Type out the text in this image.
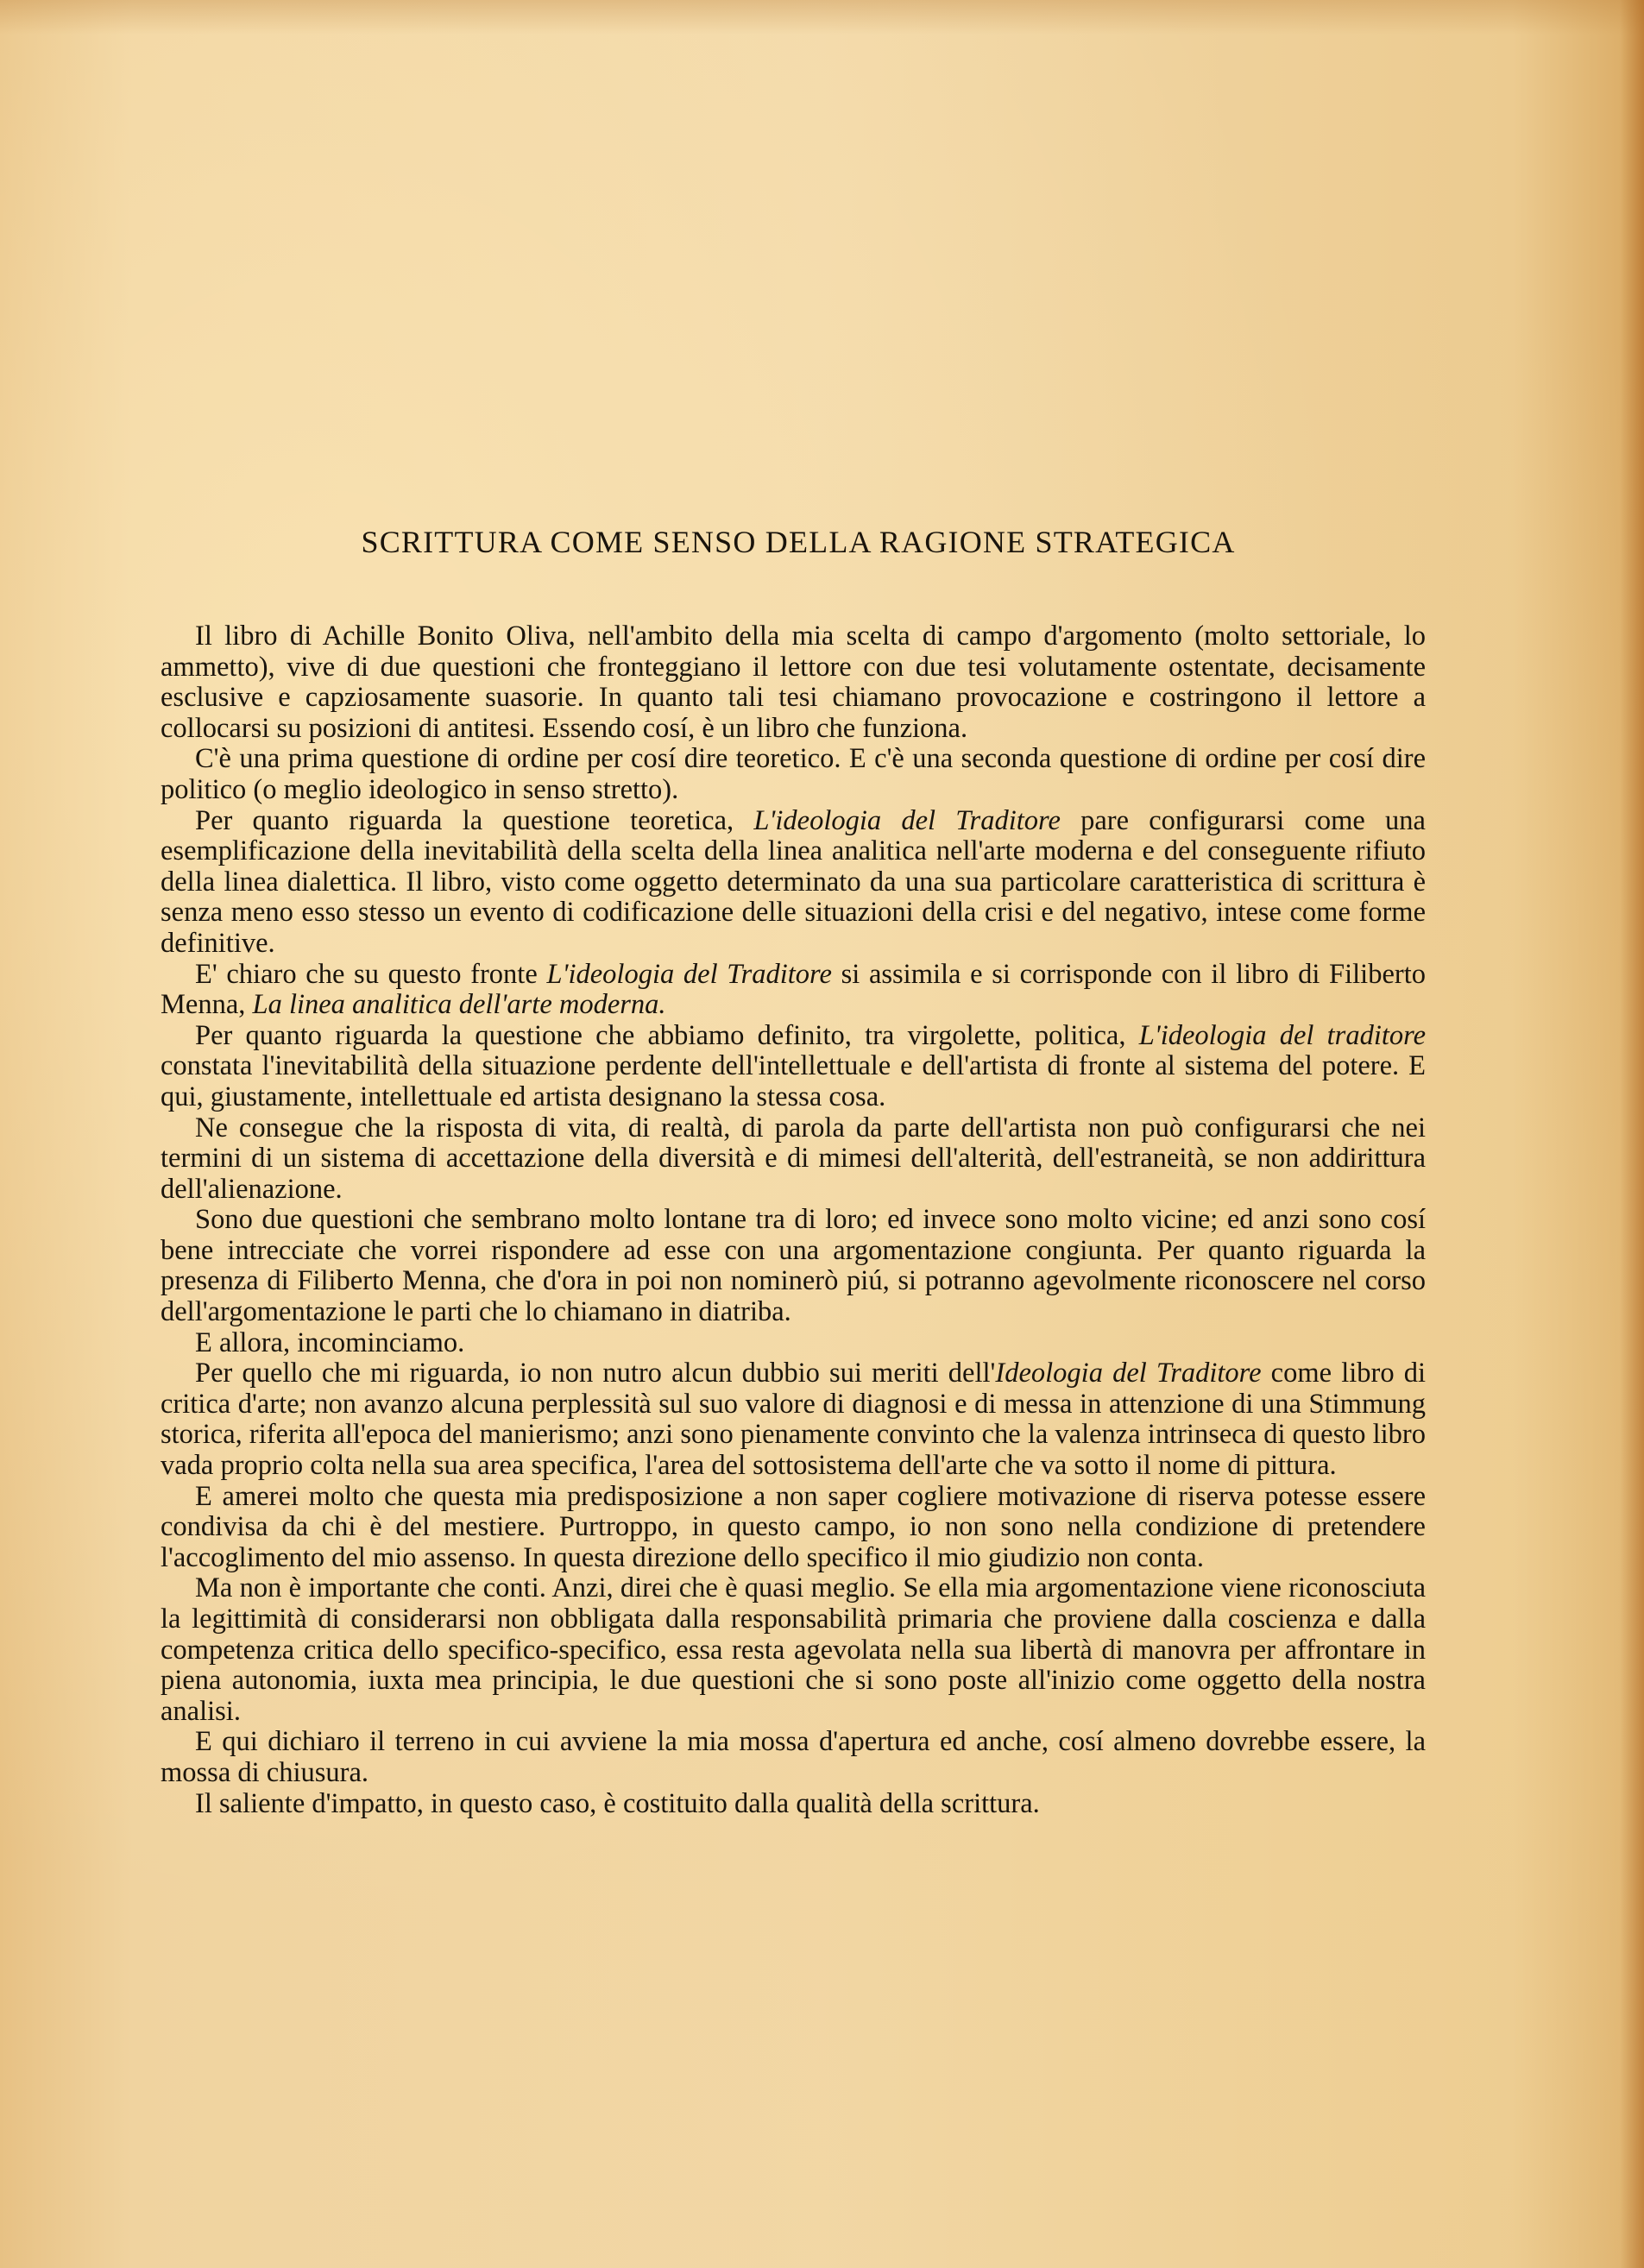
SCRITTURA COME SENSO DELLA RAGIONE STRATEGICA

Il libro di Achille Bonito Oliva, nell'ambito della mia scelta di campo d'argomento (molto settoriale, lo ammetto), vive di due questioni che fronteggiano il lettore con due tesi volutamente ostentate, decisamente esclusive e capziosamente suasorie. In quanto tali tesi chiamano provocazione e costringono il lettore a collocarsi su posizioni di antitesi. Essendo cosí, è un libro che funziona.

C'è una prima questione di ordine per cosí dire teoretico. E c'è una seconda questione di ordine per cosí dire politico (o meglio ideologico in senso stretto).

Per quanto riguarda la questione teoretica, L'ideologia del Traditore pare configurarsi come una esemplificazione della inevitabilità della scelta della linea analitica nell'arte moderna e del conseguente rifiuto della linea dialettica. Il libro, visto come oggetto determinato da una sua particolare caratteristica di scrittura è senza meno esso stesso un evento di codificazione delle situazioni della crisi e del negativo, intese come forme definitive.

E' chiaro che su questo fronte L'ideologia del Traditore si assimila e si corrisponde con il libro di Filiberto Menna, La linea analitica dell'arte moderna.

Per quanto riguarda la questione che abbiamo definito, tra virgolette, politica, L'ideologia del traditore constata l'inevitabilità della situazione perdente dell'intellettuale e dell'artista di fronte al sistema del potere. E qui, giustamente, intellettuale ed artista designano la stessa cosa.

Ne consegue che la risposta di vita, di realtà, di parola da parte dell'artista non può configurarsi che nei termini di un sistema di accettazione della diversità e di mimesi dell'alterità, dell'estraneità, se non addirittura dell'alienazione.

Sono due questioni che sembrano molto lontane tra di loro; ed invece sono molto vicine; ed anzi sono cosí bene intrecciate che vorrei rispondere ad esse con una argomentazione congiunta. Per quanto riguarda la presenza di Filiberto Menna, che d'ora in poi non nominerò piú, si potranno agevolmente riconoscere nel corso dell'argomentazione le parti che lo chiamano in diatriba.

E allora, incominciamo.

Per quello che mi riguarda, io non nutro alcun dubbio sui meriti dell'Ideologia del Traditore come libro di critica d'arte; non avanzo alcuna perplessità sul suo valore di diagnosi e di messa in attenzione di una Stimmung storica, riferita all'epoca del manierismo; anzi sono pienamente convinto che la valenza intrinseca di questo libro vada proprio colta nella sua area specifica, l'area del sottosistema dell'arte che va sotto il nome di pittura.

E amerei molto che questa mia predisposizione a non saper cogliere motivazione di riserva potesse essere condivisa da chi è del mestiere. Purtroppo, in questo campo, io non sono nella condizione di pretendere l'accoglimento del mio assenso. In questa direzione dello specifico il mio giudizio non conta.

Ma non è importante che conti. Anzi, direi che è quasi meglio. Se ella mia argomentazione viene riconosciuta la legittimità di considerarsi non obbligata dalla responsabilità primaria che proviene dalla coscienza e dalla competenza critica dello specifico-specifico, essa resta agevolata nella sua libertà di manovra per affrontare in piena autonomia, iuxta mea principia, le due questioni che si sono poste all'inizio come oggetto della nostra analisi.

E qui dichiaro il terreno in cui avviene la mia mossa d'apertura ed anche, cosí almeno dovrebbe essere, la mossa di chiusura.

Il saliente d'impatto, in questo caso, è costituito dalla qualità della scrittura.
